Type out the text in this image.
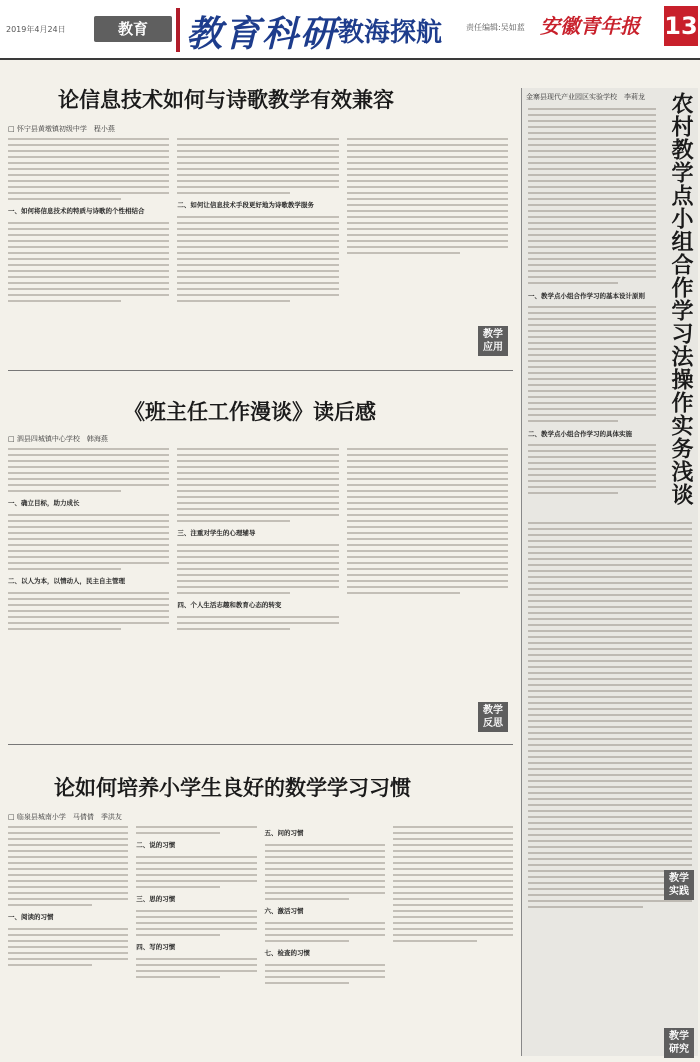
2019年4月24日	教育	教育科研 教海探航	责任编辑:吴如蓝 安徽青年报 13
论信息技术如何与诗歌教学有效兼容
□ 怀宁县黄墩镇初级中学　程小燕
一、如何将信息技术的特质与诗歌的个性相结合
二、如何让信息技术手段更好地为诗歌教学服务
教学
应用
《班主任工作漫谈》读后感
□ 泗县四城镇中心学校　韩海燕
一、确立目标，助力成长
二、以人为本，以情动人，民主自主管理
三、注重对学生的心理辅导
四、个人生活志趣和教育心态的转变
教学
反思
论如何培养小学生良好的数学学习习惯
□ 临泉县城南小学　马倩倩　季洪友
一、阅读的习惯
二、说的习惯
三、思的习惯
四、写的习惯
五、问的习惯
六、激活习惯
七、检查的习惯
金寨县现代产业园区实验学校　李莉龙 农村教学点小组合作学习法操作实务浅谈
一、教学点小组合作学习的基本设计原则
二、教学点小组合作学习的具体实施
教学
实践
教学
研究
